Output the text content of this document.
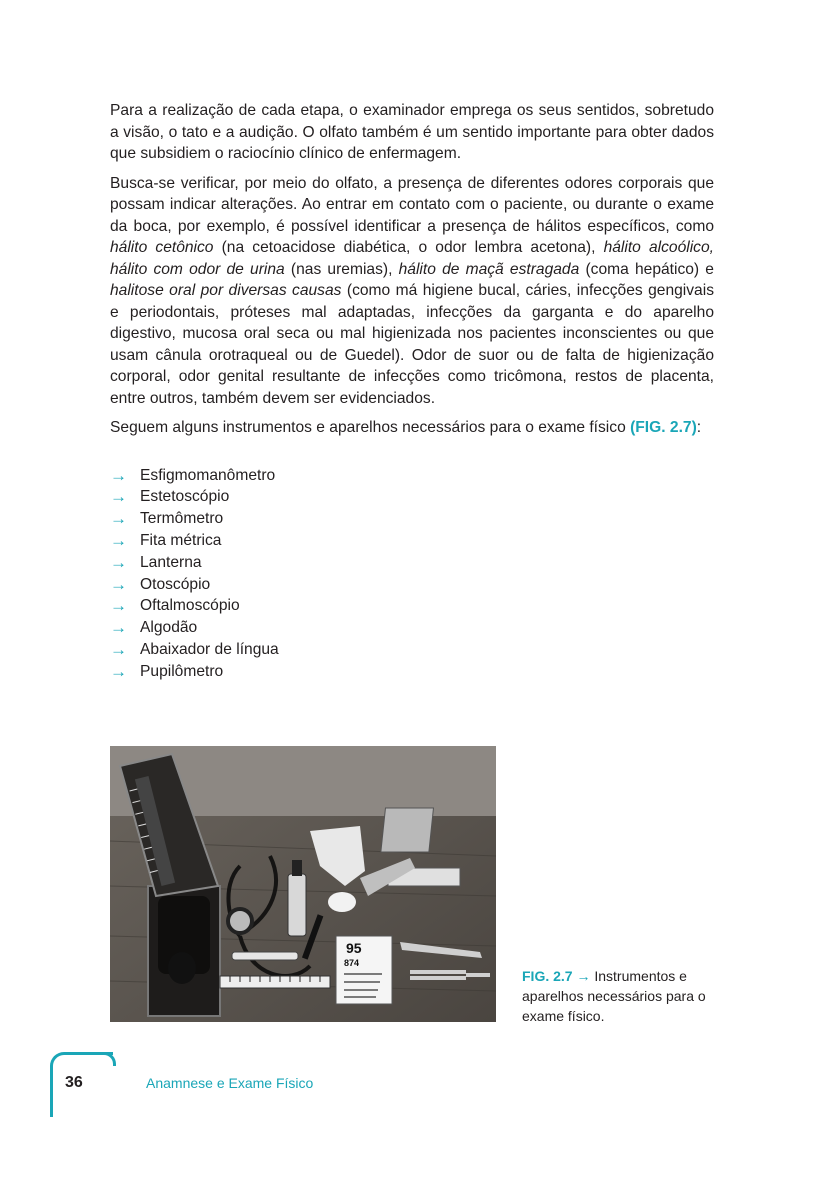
Para a realização de cada etapa, o examinador emprega os seus sentidos, sobretudo a visão, o tato e a audição. O olfato também é um sentido importante para obter dados que subsidiem o raciocínio clínico de enfermagem.

Busca-se verificar, por meio do olfato, a presença de diferentes odores corporais que possam indicar alterações. Ao entrar em contato com o paciente, ou durante o exame da boca, por exemplo, é possível identificar a presença de hálitos específicos, como hálito cetônico (na cetoacidose diabética, o odor lembra acetona), hálito alcoólico, hálito com odor de urina (nas uremias), hálito de maçã estragada (coma hepático) e halitose oral por diversas causas (como má higiene bucal, cáries, infecções gengivais e periodontais, próteses mal adaptadas, infecções da garganta e do aparelho digestivo, mucosa oral seca ou mal higienizada nos pacientes inconscientes ou que usam cânula orotraqueal ou de Guedel). Odor de suor ou de falta de higienização corporal, odor genital resultante de infecções como tricômona, restos de placenta, entre outros, também devem ser evidenciados.

Seguem alguns instrumentos e aparelhos necessários para o exame físico (FIG. 2.7):

→ Esfigmomanômetro
→ Estetoscópio
→ Termômetro
→ Fita métrica
→ Lanterna
→ Otoscópio
→ Oftalmoscópio
→ Algodão
→ Abaixador de língua
→ Pupilômetro
95
874
FIG. 2.7 → Instrumentos e aparelhos necessários para o exame físico.
36	Anamnese e Exame Físico
